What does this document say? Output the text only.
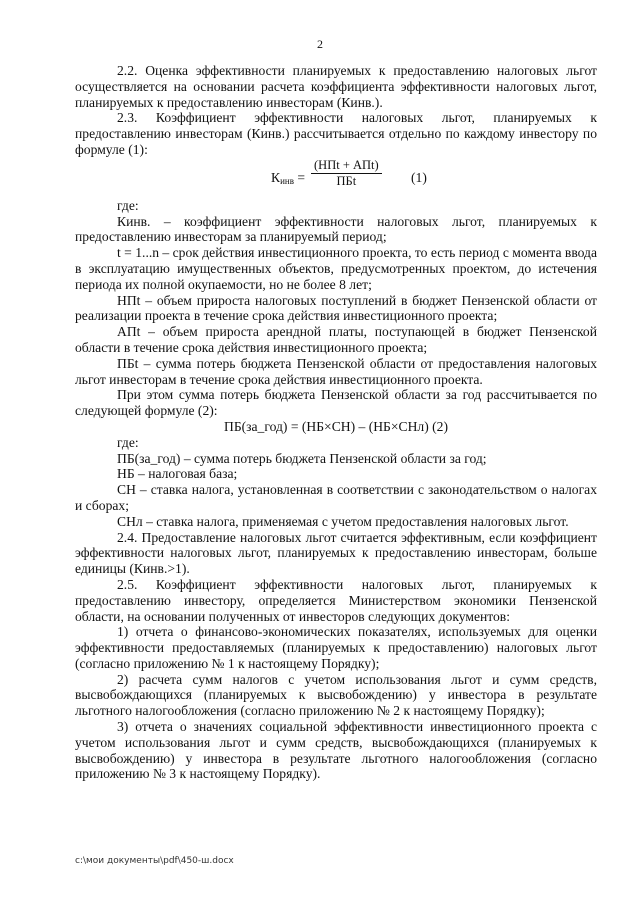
2

2.2. Оценка эффективности планируемых к предоставлению налоговых льгот осуществляется на основании расчета коэффициента эффективности налоговых льгот, планируемых к предоставлению инвесторам (Кинв.).

2.3. Коэффициент эффективности налоговых льгот, планируемых к предоставлению инвесторам (Кинв.) рассчитывается отдельно по каждому инвестору по формуле (1):

$К_{инв}$ =
(НПt + АПt)
ПБt	(1)

где:

Кинв. – коэффициент эффективности налоговых льгот, планируемых к предоставлению инвесторам за планируемый период;

t = 1...n – срок действия инвестиционного проекта, то есть период с момента ввода в эксплуатацию имущественных объектов, предусмотренных проектом, до истечения периода их полной окупаемости, но не более 8 лет;

НПt – объем прироста налоговых поступлений в бюджет Пензенской области от реализации проекта в течение срока действия инвестиционного проекта;

АПt – объем прироста арендной платы, поступающей в бюджет Пензенской области в течение срока действия инвестиционного проекта;

ПБt – сумма потерь бюджета Пензенской области от предоставления налоговых льгот инвесторам в течение срока действия инвестиционного проекта.

При этом сумма потерь бюджета Пензенской области за год рассчитывается по следующей формуле (2):

ПБ(за_год) = (НБ×СН) – (НБ×СНл) (2)

где:

ПБ(за_год) – сумма потерь бюджета Пензенской области за год;

НБ – налоговая база;

СН – ставка налога, установленная в соответствии с законодательством о налогах и сборах;

СНл – ставка налога, применяемая с учетом предоставления налоговых льгот.

2.4. Предоставление налоговых льгот считается эффективным, если коэффициент эффективности налоговых льгот, планируемых к предоставлению инвесторам, больше единицы (Кинв.>1).

2.5. Коэффициент эффективности налоговых льгот, планируемых к предоставлению инвестору, определяется Министерством экономики Пензенской области, на основании полученных от инвесторов следующих документов:

1) отчета о финансово-экономических показателях, используемых для оценки эффективности предоставляемых (планируемых к предоставлению) налоговых льгот (согласно приложению № 1 к настоящему Порядку);

2) расчета сумм налогов с учетом использования льгот и сумм средств, высвобождающихся (планируемых к высвобождению) у инвестора в результате льготного налогообложения (согласно приложению № 2 к настоящему Порядку);

3) отчета о значениях социальной эффективности инвестиционного проекта с учетом использования льгот и сумм средств, высвобождающихся (планируемых к высвобождению) у инвестора в результате льготного налогообложения (согласно приложению № 3 к настоящему Порядку).

c:\мои документы\pdf\450-ш.docx
